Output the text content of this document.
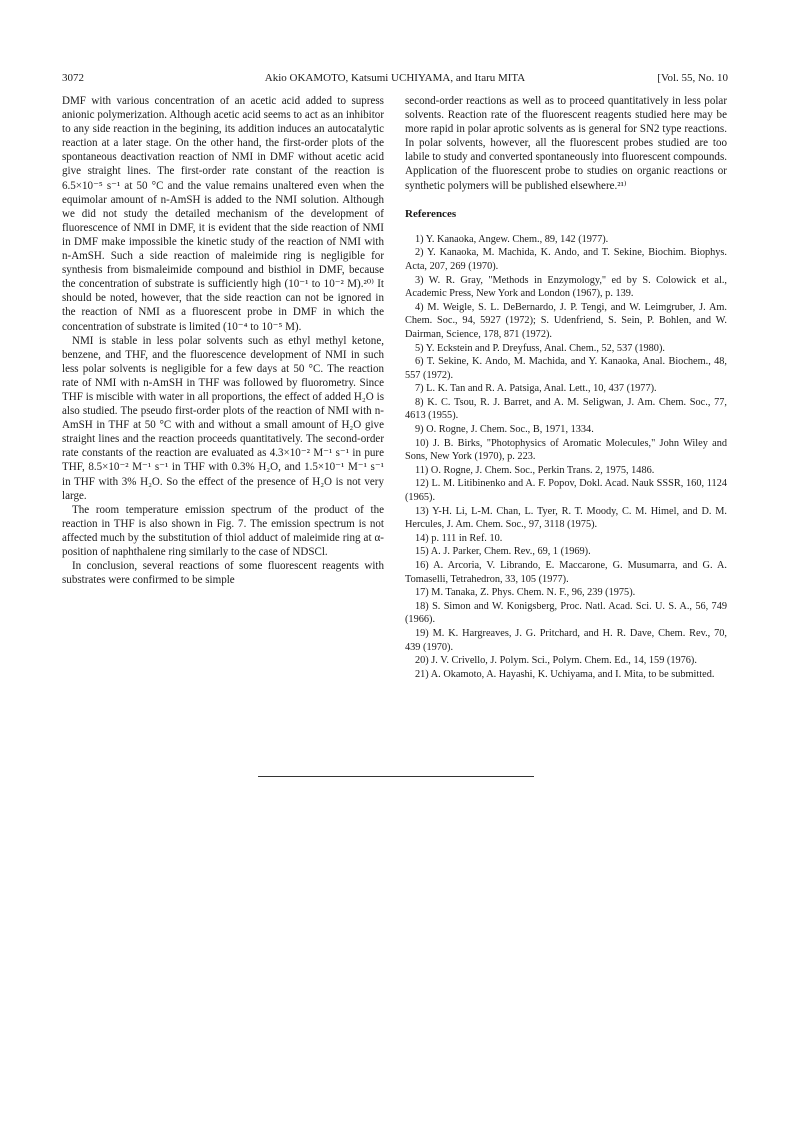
3072	Akio OKAMOTO, Katsumi UCHIYAMA, and Itaru MITA	[Vol. 55, No. 10

DMF with various concentration of an acetic acid added to supress anionic polymerization. Although acetic acid seems to act as an inhibitor to any side reaction in the begining, its addition induces an autocatalytic reaction at a later stage. On the other hand, the first-order plots of the spontaneous deactivation reaction of NMI in DMF without acetic acid give straight lines. The first-order rate constant of the reaction is 6.5×10⁻⁵ s⁻¹ at 50 °C and the value remains unaltered even when the equimolar amount of n-AmSH is added to the NMI solution. Although we did not study the detailed mechanism of the development of fluorescence of NMI in DMF, it is evident that the side reaction of NMI in DMF make impossible the kinetic study of the reaction of NMI with n-AmSH. Such a side reaction of maleimide ring is negligible for synthesis from bismaleimide compound and bisthiol in DMF, because the concentration of substrate is sufficiently high (10⁻¹ to 10⁻² M).²⁰⁾ It should be noted, however, that the side reaction can not be ignored in the reaction of NMI as a fluorescent probe in DMF in which the concentration of substrate is limited (10⁻⁴ to 10⁻⁵ M).

NMI is stable in less polar solvents such as ethyl methyl ketone, benzene, and THF, and the fluorescence development of NMI in such less polar solvents is negligible for a few days at 50 °C. The reaction rate of NMI with n-AmSH in THF was followed by fluorometry. Since THF is miscible with water in all proportions, the effect of added H₂O is also studied. The pseudo first-order plots of the reaction of NMI with n-AmSH in THF at 50 °C with and without a small amount of H₂O give straight lines and the reaction proceeds quantitatively. The second-order rate constants of the reaction are evaluated as 4.3×10⁻² M⁻¹ s⁻¹ in pure THF, 8.5×10⁻² M⁻¹ s⁻¹ in THF with 0.3% H₂O, and 1.5×10⁻¹ M⁻¹ s⁻¹ in THF with 3% H₂O. So the effect of the presence of H₂O is not very large.

The room temperature emission spectrum of the product of the reaction in THF is also shown in Fig. 7. The emission spectrum is not affected much by the substitution of thiol adduct of maleimide ring at α-position of naphthalene ring similarly to the case of NDSCl.

In conclusion, several reactions of some fluorescent reagents with substrates were confirmed to be simple

second-order reactions as well as to proceed quantitatively in less polar solvents. Reaction rate of the fluorescent reagents studied here may be more rapid in polar aprotic solvents as is general for SN2 type reactions. In polar solvents, however, all the fluorescent probes studied are too labile to study and converted spontaneously into fluorescent compounds. Application of the fluorescent probe to studies on organic reactions or synthetic polymers will be published elsewhere.²¹⁾

References

1) Y. Kanaoka, Angew. Chem., 89, 142 (1977).

2) Y. Kanaoka, M. Machida, K. Ando, and T. Sekine, Biochim. Biophys. Acta, 207, 269 (1970).

3) W. R. Gray, "Methods in Enzymology," ed by S. Colowick et al., Academic Press, New York and London (1967), p. 139.

4) M. Weigle, S. L. DeBernardo, J. P. Tengi, and W. Leimgruber, J. Am. Chem. Soc., 94, 5927 (1972); S. Udenfriend, S. Sein, P. Bohlen, and W. Dairman, Science, 178, 871 (1972).

5) Y. Eckstein and P. Dreyfuss, Anal. Chem., 52, 537 (1980).

6) T. Sekine, K. Ando, M. Machida, and Y. Kanaoka, Anal. Biochem., 48, 557 (1972).

7) L. K. Tan and R. A. Patsiga, Anal. Lett., 10, 437 (1977).

8) K. C. Tsou, R. J. Barret, and A. M. Seligwan, J. Am. Chem. Soc., 77, 4613 (1955).

9) O. Rogne, J. Chem. Soc., B, 1971, 1334.

10) J. B. Birks, "Photophysics of Aromatic Molecules," John Wiley and Sons, New York (1970), p. 223.

11) O. Rogne, J. Chem. Soc., Perkin Trans. 2, 1975, 1486.

12) L. M. Litibinenko and A. F. Popov, Dokl. Acad. Nauk SSSR, 160, 1124 (1965).

13) Y-H. Li, L-M. Chan, L. Tyer, R. T. Moody, C. M. Himel, and D. M. Hercules, J. Am. Chem. Soc., 97, 3118 (1975).

14) p. 111 in Ref. 10.

15) A. J. Parker, Chem. Rev., 69, 1 (1969).

16) A. Arcoria, V. Librando, E. Maccarone, G. Musumarra, and G. A. Tomaselli, Tetrahedron, 33, 105 (1977).

17) M. Tanaka, Z. Phys. Chem. N. F., 96, 239 (1975).

18) S. Simon and W. Konigsberg, Proc. Natl. Acad. Sci. U. S. A., 56, 749 (1966).

19) M. K. Hargreaves, J. G. Pritchard, and H. R. Dave, Chem. Rev., 70, 439 (1970).

20) J. V. Crivello, J. Polym. Sci., Polym. Chem. Ed., 14, 159 (1976).

21) A. Okamoto, A. Hayashi, K. Uchiyama, and I. Mita, to be submitted.
